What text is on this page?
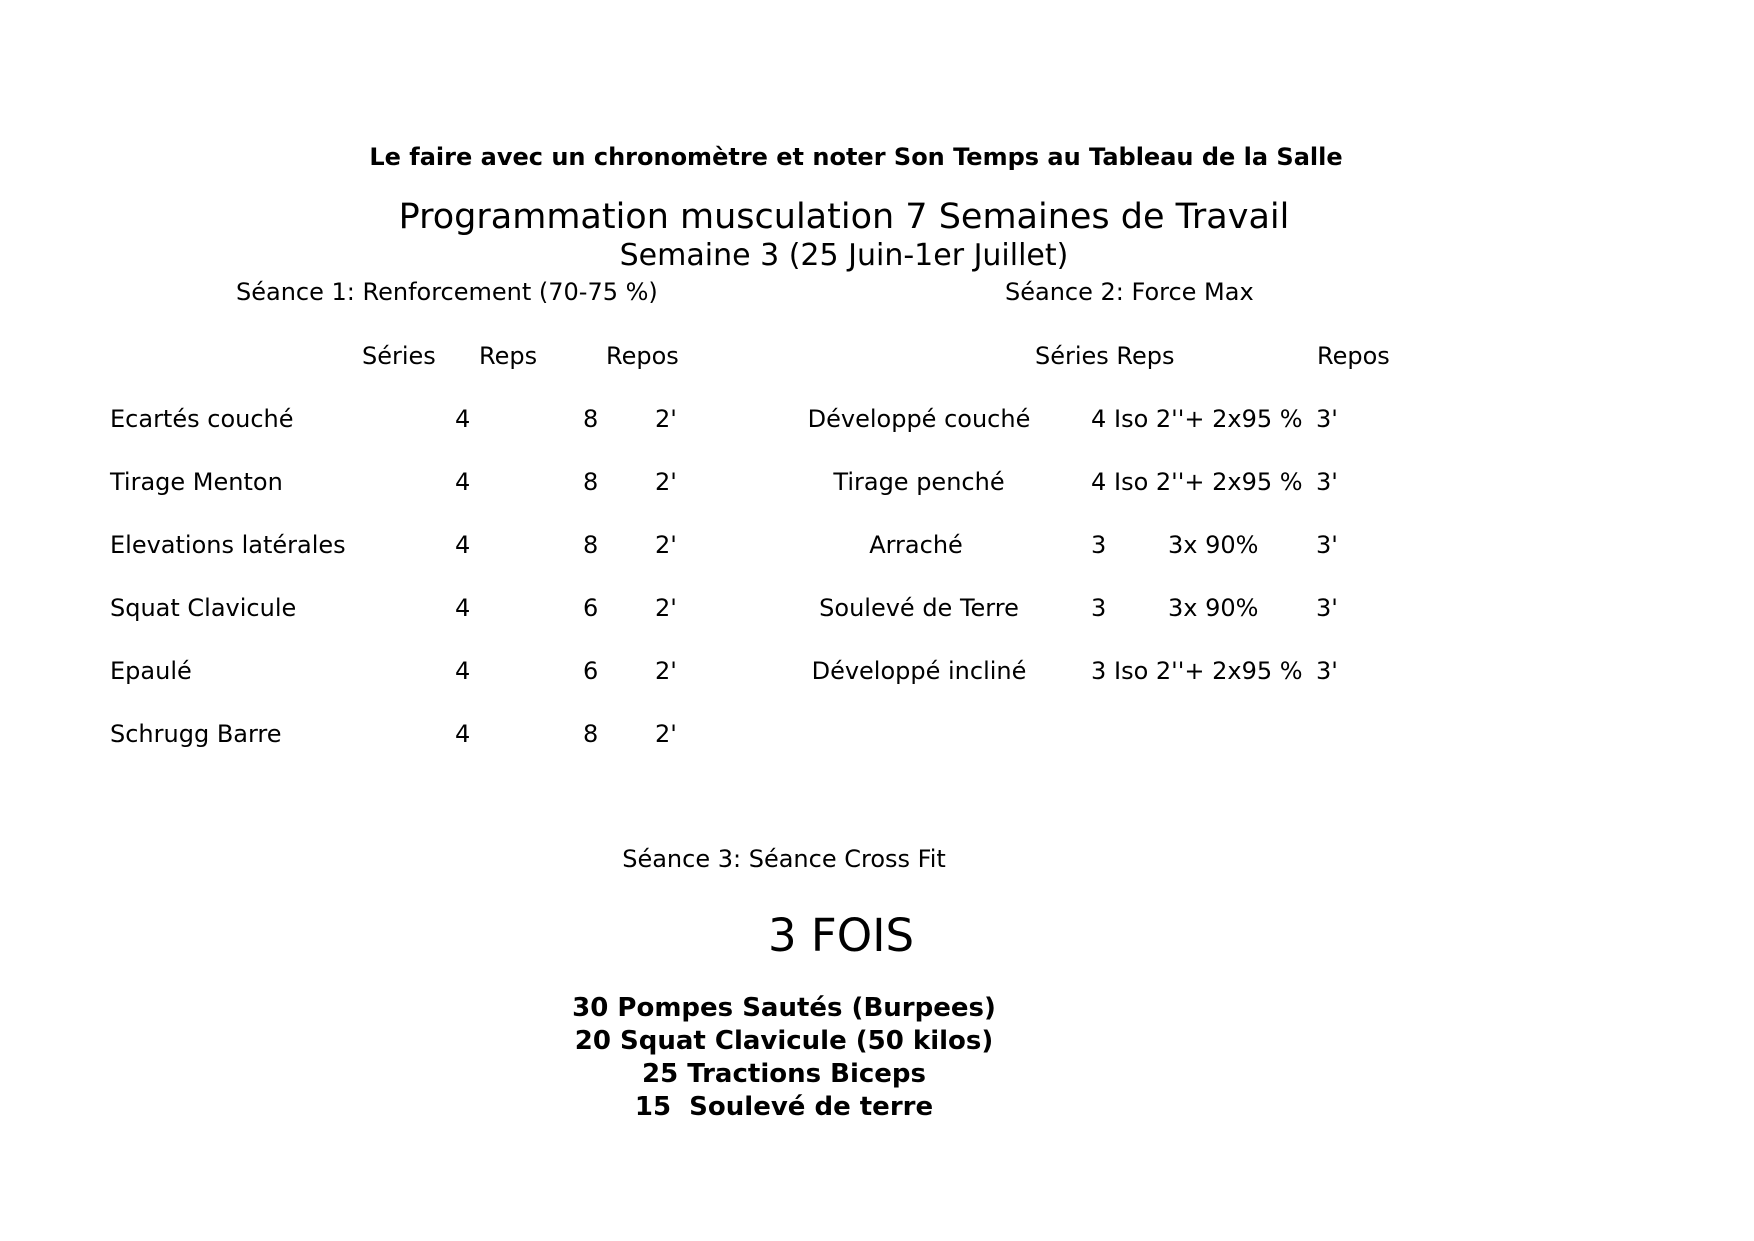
Le faire avec un chronomètre et noter Son Temps au Tableau de la Salle
Programmation musculation 7 Semaines de Travail
Semaine 3 (25 Juin-1er Juillet)
Séance 1: Renforcement (70-75 %)
Séries Reps	Repos
Ecartés couché	4	8 2'
Tirage Menton	4	8 2'
Elevations latérales	4	8 2'
Squat Clavicule	4	6 2'
Epaulé	4	6 2'
Schrugg Barre	4	8 2'
Séance 2: Force Max
Séries Reps	Repos
Développé couché	4 Iso 2''+ 2x95 % 3'
Tirage penché	4 Iso 2''+ 2x95 % 3'
Arraché	3	3x 90% 3'
Soulevé de Terre	3	3x 90% 3'
Développé incliné	3 Iso 2''+ 2x95 % 3'
Séance 3: Séance Cross Fit
3 FOIS
30 Pompes Sautés (Burpees)
20 Squat Clavicule (50 kilos)
25 Tractions Biceps
15  Soulevé de terre
